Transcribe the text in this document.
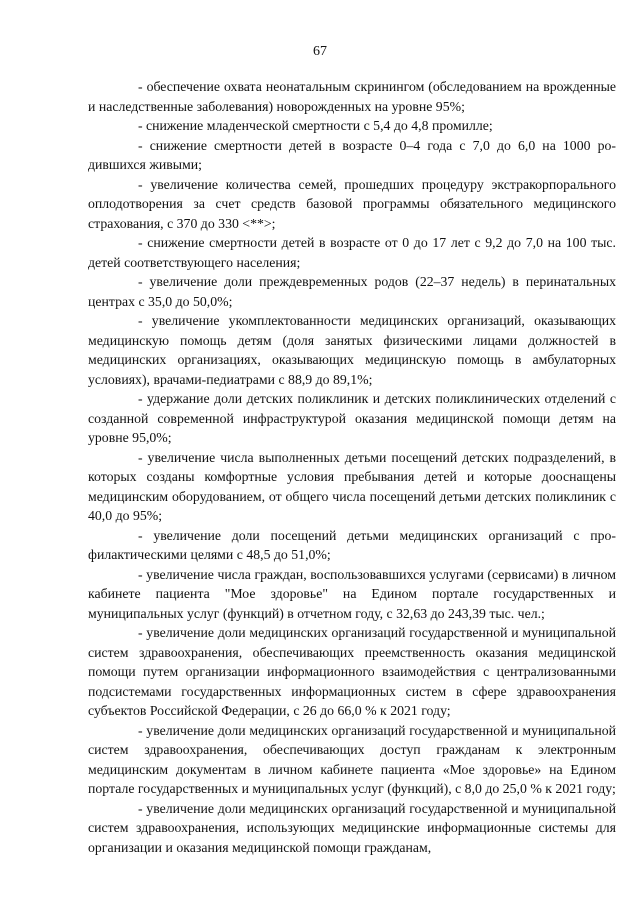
67

- обеспечение охвата неонатальным скринингом (обследованием на врожденные и наследственные заболевания) новорожденных на уровне 95%;

- снижение младенческой смертности с 5,4 до 4,8 промилле;

- снижение смертности детей в возрасте 0–4 года с 7,0 до 6,0 на 1000 родившихся живыми;

- увеличение количества семей, прошедших процедуру экстракорпорального оплодотворения за счет средств базовой программы обязательного медицинского страхования, с 370 до 330 <**>;

- снижение смертности детей в возрасте от 0 до 17 лет с 9,2 до 7,0 на 100 тыс. детей соответствующего населения;

- увеличение доли преждевременных родов (22–37 недель) в перинатальных центрах с 35,0 до 50,0%;

- увеличение укомплектованности медицинских организаций, оказывающих медицинскую помощь детям (доля занятых физическими лицами должностей в медицинских организациях, оказывающих медицинскую помощь в амбулаторных условиях), врачами-педиатрами с 88,9 до 89,1%;

- удержание доли детских поликлиник и детских поликлинических отделений с созданной современной инфраструктурой оказания медицинской помощи детям на уровне 95,0%;

- увеличение числа выполненных детьми посещений детских подразделений, в которых созданы комфортные условия пребывания детей и которые дооснащены медицинским оборудованием, от общего числа посещений детьми детских поликлиник с 40,0 до 95%;

- увеличение доли посещений детьми медицинских организаций с профилактическими целями с 48,5 до 51,0%;

- увеличение числа граждан, воспользовавшихся услугами (сервисами) в личном кабинете пациента "Мое здоровье" на Едином портале государственных и муниципальных услуг (функций) в отчетном году, с 32,63 до 243,39 тыс. чел.;

- увеличение доли медицинских организаций государственной и муниципальной систем здравоохранения, обеспечивающих преемственность оказания медицинской помощи путем организации информационного взаимодействия с централизованными подсистемами государственных информационных систем в сфере здравоохранения субъектов Российской Федерации, с 26 до 66,0 % к 2021 году;

- увеличение доли медицинских организаций государственной и муниципальной систем здравоохранения, обеспечивающих доступ гражданам к электронным медицинским документам в личном кабинете пациента «Мое здоровье» на Едином портале государственных и муниципальных услуг (функций), с 8,0 до 25,0 % к 2021 году;

- увеличение доли медицинских организаций государственной и муниципальной систем здравоохранения, использующих медицинские информационные системы для организации и оказания медицинской помощи гражданам,
